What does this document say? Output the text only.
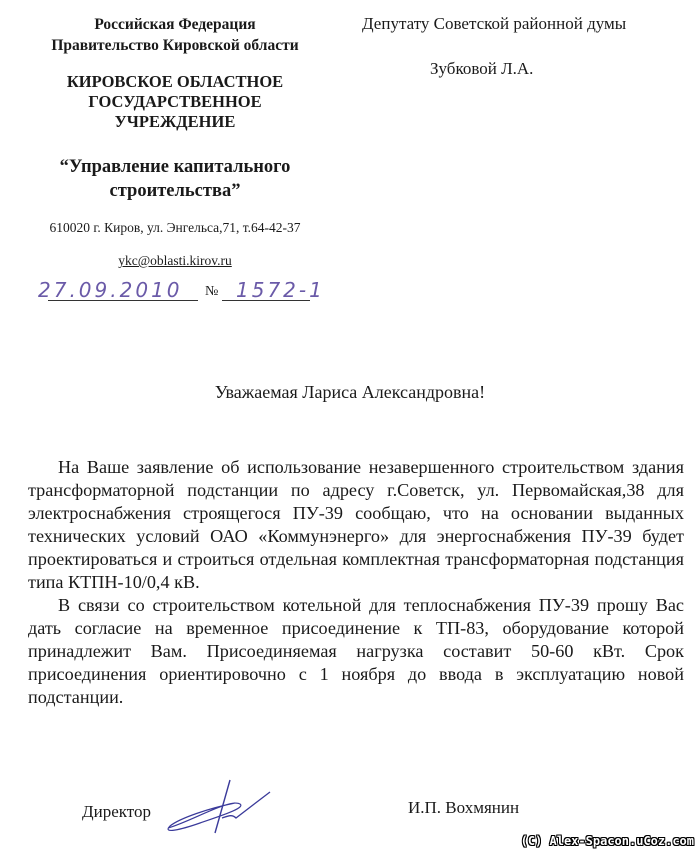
Российская Федерация
Правительство Кировской области
КИРОВСКОЕ ОБЛАСТНОЕ
ГОСУДАРСТВЕННОЕ
УЧРЕЖДЕНИЕ
“Управление капитального
строительства”
610020 г. Киров, ул. Энгельса,71, т.64-42-37
ykc@oblasti.kirov.ru
27.09.2010 № 1572-1
Депутату Советской районной думы
Зубковой Л.А.
Уважаемая Лариса Александровна!

На Ваше заявление об использование незавершенного строительством здания трансформаторной подстанции по адресу г.Советск, ул. Первомайская,38 для электроснабжения строящегося ПУ-39 сообщаю, что на основании выданных технических условий ОАО «Коммунэнерго» для энергоснабжения ПУ-39 будет проектироваться и строиться отдельная комплектная трансформаторная подстанция типа КТПН-10/0,4 кВ.

В связи со строительством котельной для теплоснабжения ПУ-39 прошу Вас дать согласие на временное присоединение к ТП-83, оборудование которой принадлежит Вам. Присоединяемая нагрузка составит 50-60 кВт. Срок присоединения ориентировочно с 1 ноября до ввода в эксплуатацию новой подстанции.

Директор	И.П. Вохмянин
(C) Alex-Spacon.uCoz.com
